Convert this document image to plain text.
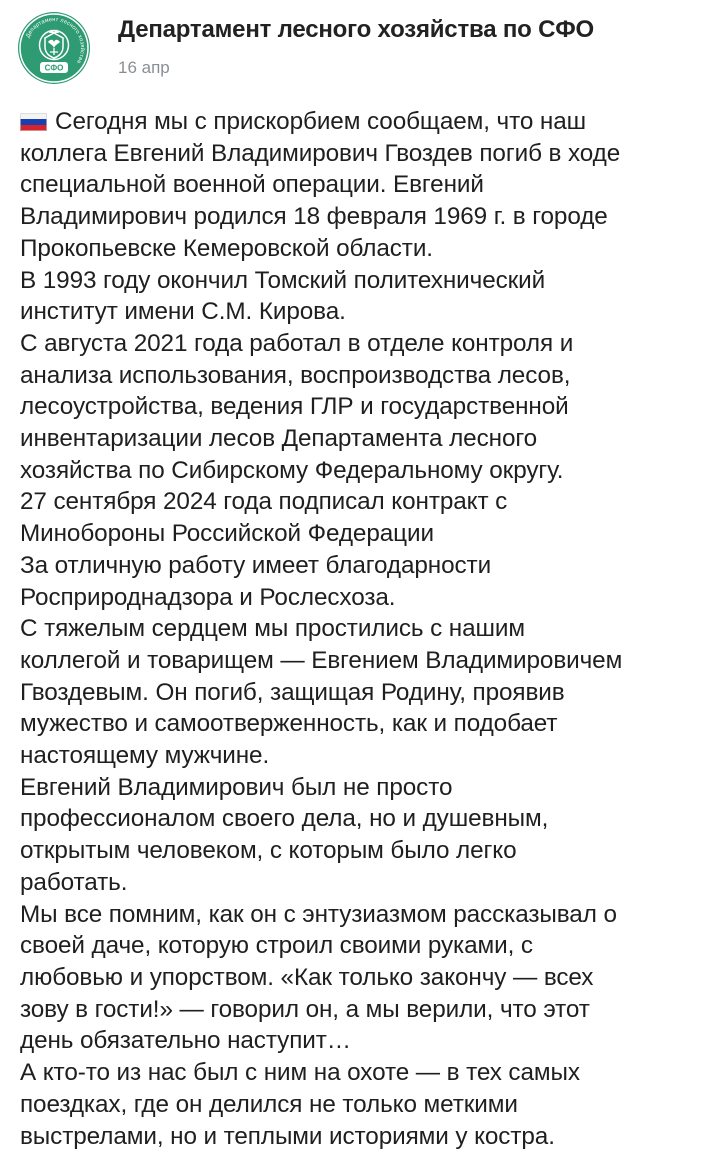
Департамент лесного хозяйства
СФО
Департамент лесного хозяйства по СФО
16 апр

Сегодня мы с прискорбием сообщаем, что наш
коллега Евгений Владимирович Гвоздев погиб в ходе
специальной военной операции. Евгений
Владимирович родился 18 февраля 1969 г. в городе
Прокопьевске Кемеровской области.

В 1993 году окончил Томский политехнический
институт имени С.М. Кирова.

С августа 2021 года работал в отделе контроля и
анализа использования, воспроизводства лесов,
лесоустройства, ведения ГЛР и государственной
инвентаризации лесов Департамента лесного
хозяйства по Сибирскому Федеральному округу.

27 сентября 2024 года подписал контракт с
Минобороны Российской Федерации

За отличную работу имеет благодарности
Росприроднадзора и Рослесхоза.

С тяжелым сердцем мы простились с нашим
коллегой и товарищем — Евгением Владимировичем
Гвоздевым. Он погиб, защищая Родину, проявив
мужество и самоотверженность, как и подобает
настоящему мужчине.

Евгений Владимирович был не просто
профессионалом своего дела, но и душевным,
открытым человеком, с которым было легко
работать.

Мы все помним, как он с энтузиазмом рассказывал о
своей даче, которую строил своими руками, с
любовью и упорством. «Как только закончу — всех
зову в гости!» — говорил он, а мы верили, что этот
день обязательно наступит…

А кто-то из нас был с ним на охоте — в тех самых
поездках, где он делился не только меткими
выстрелами, но и теплыми историями у костра.
